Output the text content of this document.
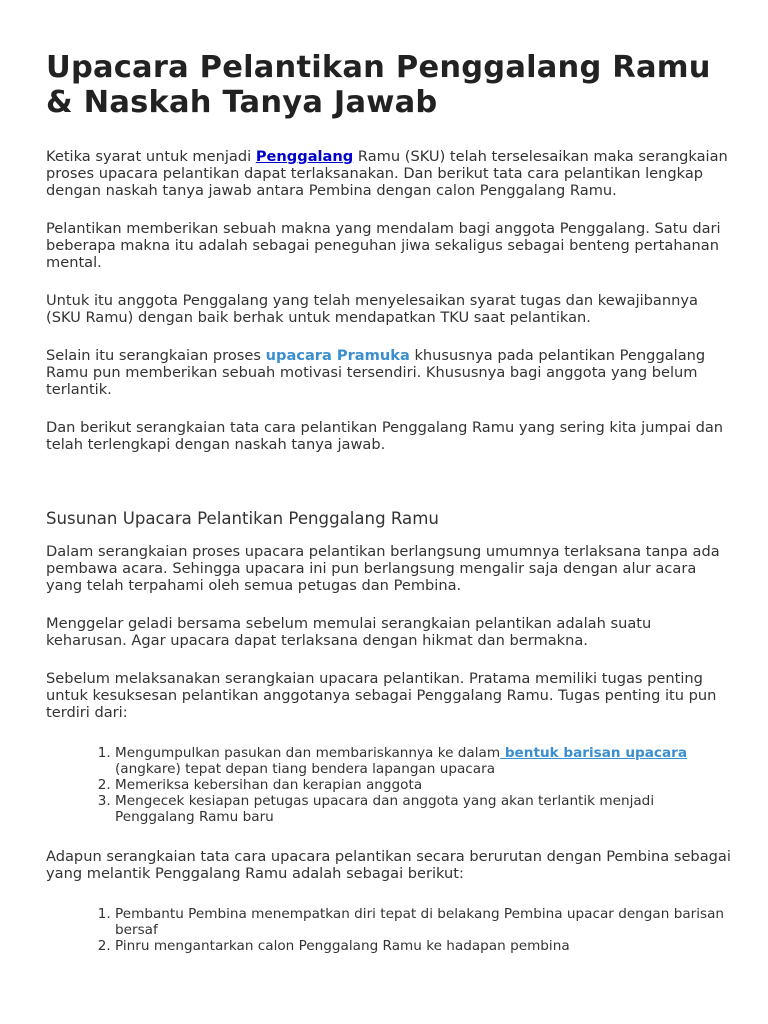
Upacara Pelantikan Penggalang Ramu
& Naskah Tanya Jawab

Ketika syarat untuk menjadi Penggalang Ramu (SKU) telah terselesaikan maka serangkaian proses upacara pelantikan dapat terlaksanakan. Dan berikut tata cara pelantikan lengkap dengan naskah tanya jawab antara Pembina dengan calon Penggalang Ramu.

Pelantikan memberikan sebuah makna yang mendalam bagi anggota Penggalang. Satu dari beberapa makna itu adalah sebagai peneguhan jiwa sekaligus sebagai benteng pertahanan mental.

Untuk itu anggota Penggalang yang telah menyelesaikan syarat tugas dan kewajibannya (SKU Ramu) dengan baik berhak untuk mendapatkan TKU saat pelantikan.

Selain itu serangkaian proses upacara Pramuka khususnya pada pelantikan Penggalang Ramu pun memberikan sebuah motivasi tersendiri. Khususnya bagi anggota yang belum terlantik.

Dan berikut serangkaian tata cara pelantikan Penggalang Ramu yang sering kita jumpai dan telah terlengkapi dengan naskah tanya jawab.

Susunan Upacara Pelantikan Penggalang Ramu

Dalam serangkaian proses upacara pelantikan berlangsung umumnya terlaksana tanpa ada pembawa acara. Sehingga upacara ini pun berlangsung mengalir saja dengan alur acara yang telah terpahami oleh semua petugas dan Pembina.

Menggelar geladi bersama sebelum memulai serangkaian pelantikan adalah suatu keharusan. Agar upacara dapat terlaksana dengan hikmat dan bermakna.

Sebelum melaksanakan serangkaian upacara pelantikan. Pratama memiliki tugas penting untuk kesuksesan pelantikan anggotanya sebagai Penggalang Ramu. Tugas penting itu pun terdiri dari:

1. Mengumpulkan pasukan dan membariskannya ke dalam bentuk barisan upacara (angkare) tepat depan tiang bendera lapangan upacara
2. Memeriksa kebersihan dan kerapian anggota
3. Mengecek kesiapan petugas upacara dan anggota yang akan terlantik menjadi Penggalang Ramu baru

Adapun serangkaian tata cara upacara pelantikan secara berurutan dengan Pembina sebagai yang melantik Penggalang Ramu adalah sebagai berikut:

1. Pembantu Pembina menempatkan diri tepat di belakang Pembina upacar dengan barisan bersaf
2. Pinru mengantarkan calon Penggalang Ramu ke hadapan pembina
